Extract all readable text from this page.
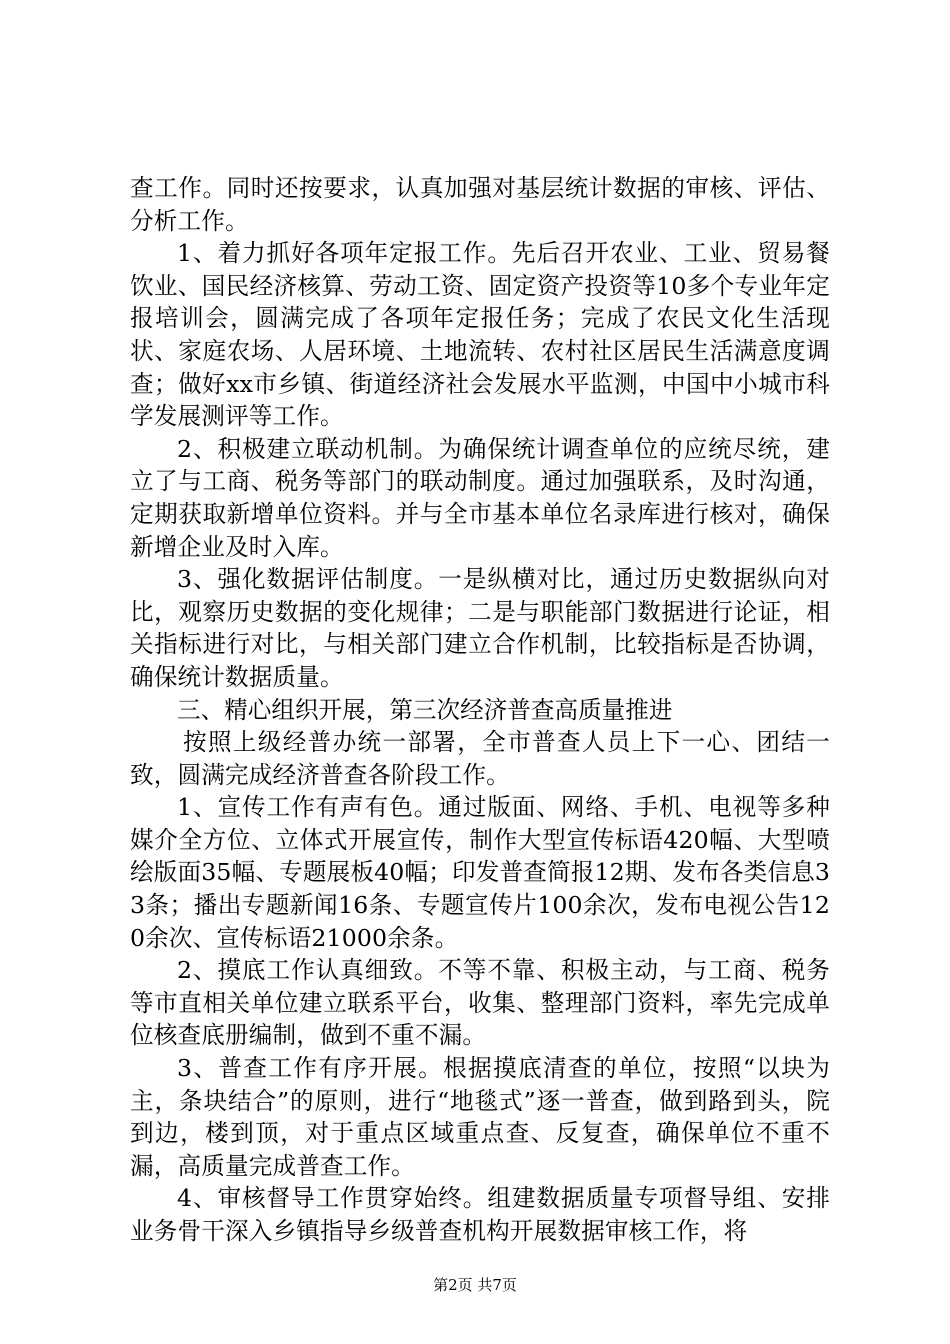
查工作。同时还按要求，认真加强对基层统计数据的审核、评估、分析工作。

1、着力抓好各项年定报工作。先后召开农业、工业、贸易餐饮业、国民经济核算、劳动工资、固定资产投资等10多个专业年定报培训会，圆满完成了各项年定报任务；完成了农民文化生活现状、家庭农场、人居环境、土地流转、农村社区居民生活满意度调查；做好xx市乡镇、街道经济社会发展水平监测，中国中小城市科学发展测评等工作。

2、积极建立联动机制。为确保统计调查单位的应统尽统，建立了与工商、税务等部门的联动制度。通过加强联系，及时沟通，定期获取新增单位资料。并与全市基本单位名录库进行核对，确保新增企业及时入库。

3、强化数据评估制度。一是纵横对比，通过历史数据纵向对比，观察历史数据的变化规律；二是与职能部门数据进行论证，相关指标进行对比，与相关部门建立合作机制，比较指标是否协调，确保统计数据质量。

三、精心组织开展，第三次经济普查高质量推进

按照上级经普办统一部署，全市普查人员上下一心、团结一致，圆满完成经济普查各阶段工作。

1、宣传工作有声有色。通过版面、网络、手机、电视等多种媒介全方位、立体式开展宣传，制作大型宣传标语420幅、大型喷绘版面35幅、专题展板40幅；印发普查简报12期、发布各类信息33条；播出专题新闻16条、专题宣传片100余次，发布电视公告120余次、宣传标语21000余条。

2、摸底工作认真细致。不等不靠、积极主动，与工商、税务等市直相关单位建立联系平台，收集、整理部门资料，率先完成单位核查底册编制，做到不重不漏。

3、普查工作有序开展。根据摸底清查的单位，按照“以块为主，条块结合”的原则，进行“地毯式”逐一普查，做到路到头，院到边，楼到顶，对于重点区域重点查、反复查，确保单位不重不漏，高质量完成普查工作。

4、审核督导工作贯穿始终。组建数据质量专项督导组、安排业务骨干深入乡镇指导乡级普查机构开展数据审核工作，将

第2页 共7页
